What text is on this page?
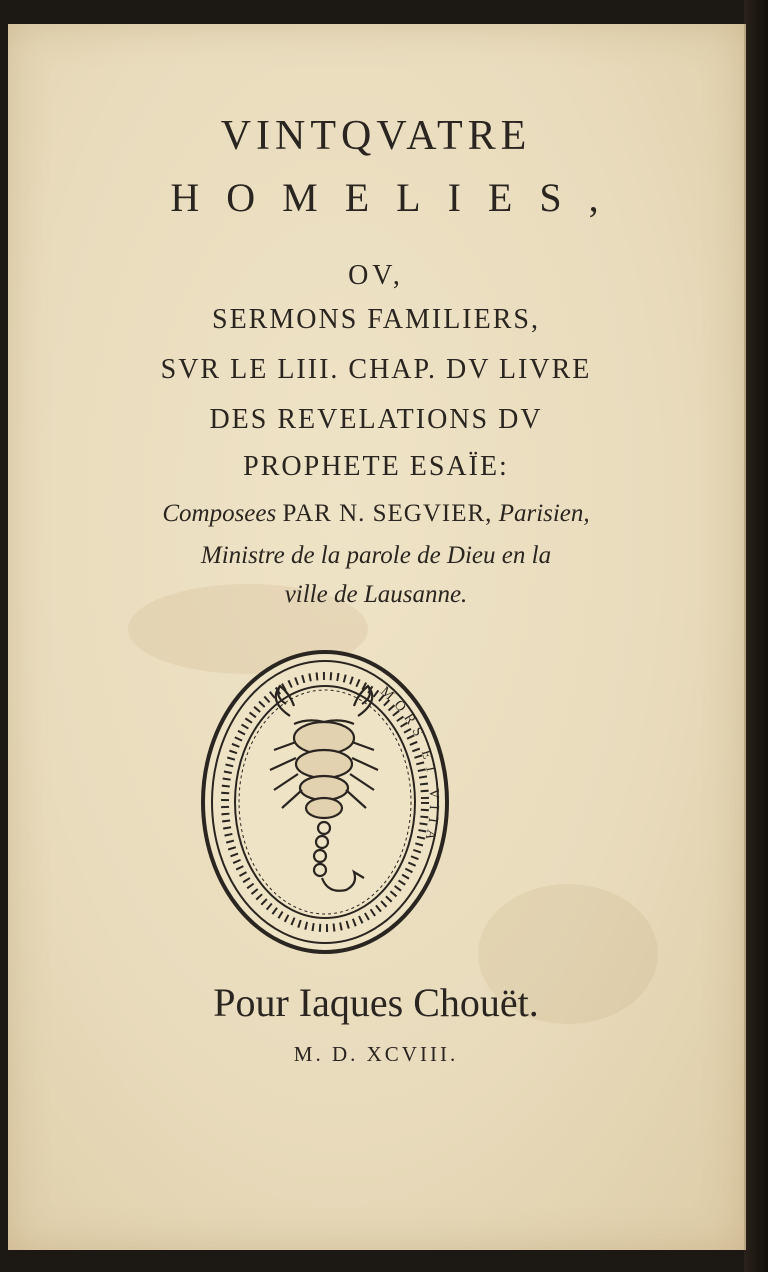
VINTQVATRE
HOMELIES,
OV,
SERMONS FAMILIERS,
SVR LE LIII. CHAP. DV LIVRE
DES REVELATIONS DV
PROPHETE ESAÏE:
Composees PAR N. SEGVIER, Parisien,
Ministre de la parole de Dieu en la
ville de Lausanne.
MORS ET VITA
Pour Iaques Chouët.
M. D. XCVIII.
